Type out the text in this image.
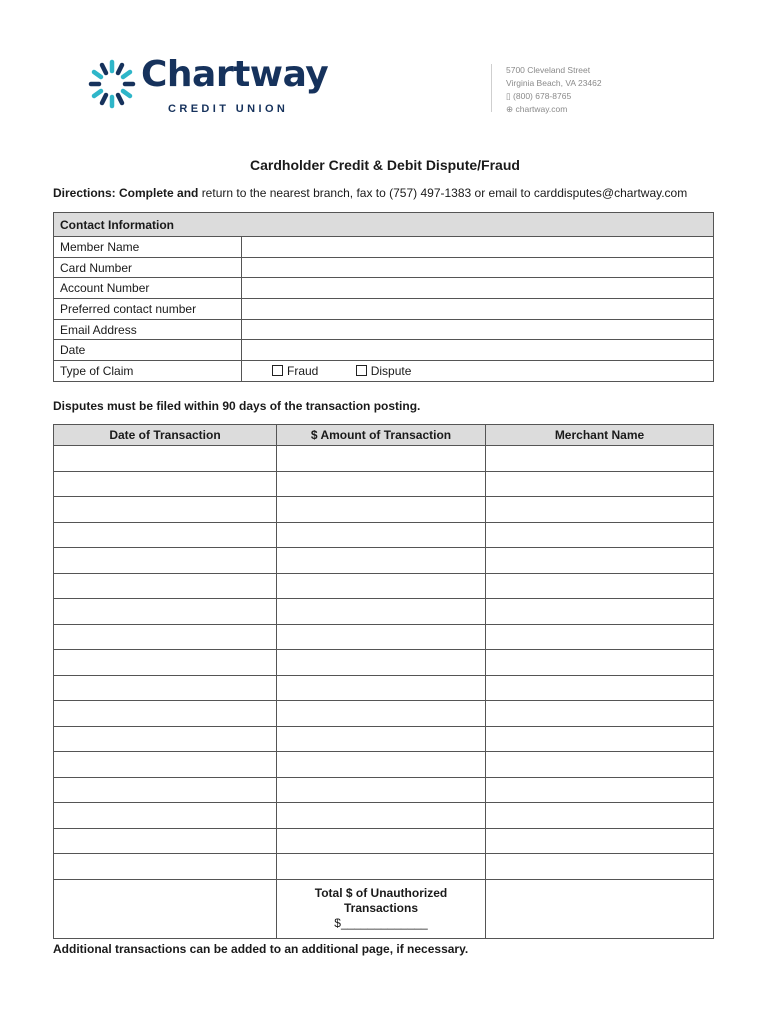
Chartway
CREDIT UNION
5700 Cleveland Street
Virginia Beach, VA 23462
▯ (800) 678-8765
⊕ chartway.com
Cardholder Credit & Debit Dispute/Fraud
Directions: Complete and return to the nearest branch, fax to (757) 497-1383 or email to carddisputes@chartway.com
Contact Information	
Member Name	
Card Number	
Account Number	
Preferred contact number	
Email Address	
Date	
Type of Claim	Fraud Dispute
Disputes must be filed within 90 days of the transaction posting.
Date of Transaction	$ Amount of Transaction	Merchant Name

	Total $ of Unauthorized
Transactions
$_____________	

Additional transactions can be added to an additional page, if necessary.
